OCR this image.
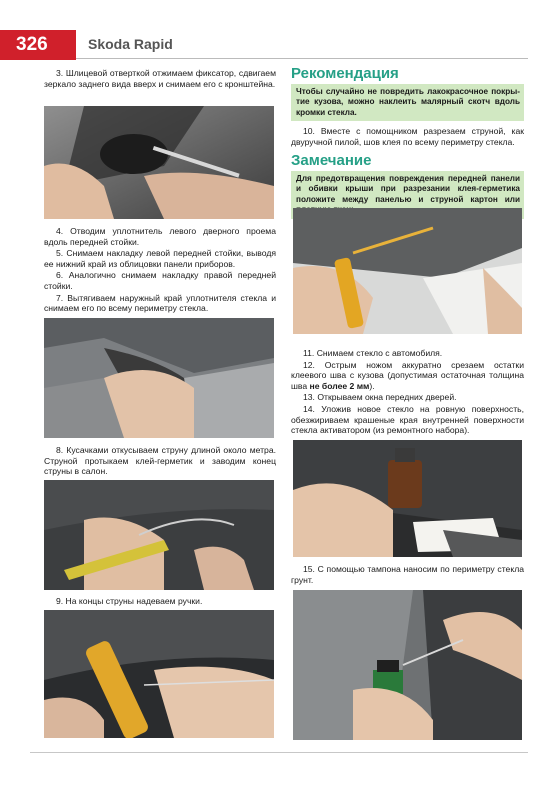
326	Skoda Rapid

3. Шлицевой отверткой отжимаем фиксатор, сдвигаем зеркало заднего вида вверх и снимаем его с кронштейна.

4. Отводим уплотнитель левого дверного проема вдоль передней стойки.

5. Снимаем накладку левой передней стойки, выводя ее нижний край из облицовки панели приборов.

6. Аналогично снимаем накладку правой передней стойки.

7. Вытягиваем наружный край уплотнителя стекла и снимаем его по всему периметру стекла.

8. Кусачками откусываем струну длиной около метра. Струной протыкаем клей-герметик и заводим конец струны в салон.

9. На концы струны надеваем ручки.

Рекомендация
Чтобы случайно не повредить лакокрасочное покрытие кузова, можно наклеить малярный скотч вдоль кромки стекла.

10. Вместе с помощником разрезаем струной, как двуручной пилой, шов клея по всему периметру стекла.

Замечание
Для предотвращения повреждения передней панели и обивки крыши при разрезании клея-герметика положите между панелью и струной картон или

11. Снимаем стекло с автомобиля.

12. Острым ножом аккуратно срезаем остатки клеевого шва с кузова (допустимая остаточная толщина шва не более 2 мм).

13. Открываем окна передних дверей.

14. Уложив новое стекло на ровную поверхность, обезжириваем крашеные края внутренней поверхности стекла активатором (из ремонтного набора).

15. С помощью тампона наносим по периметру стекла грунт.
